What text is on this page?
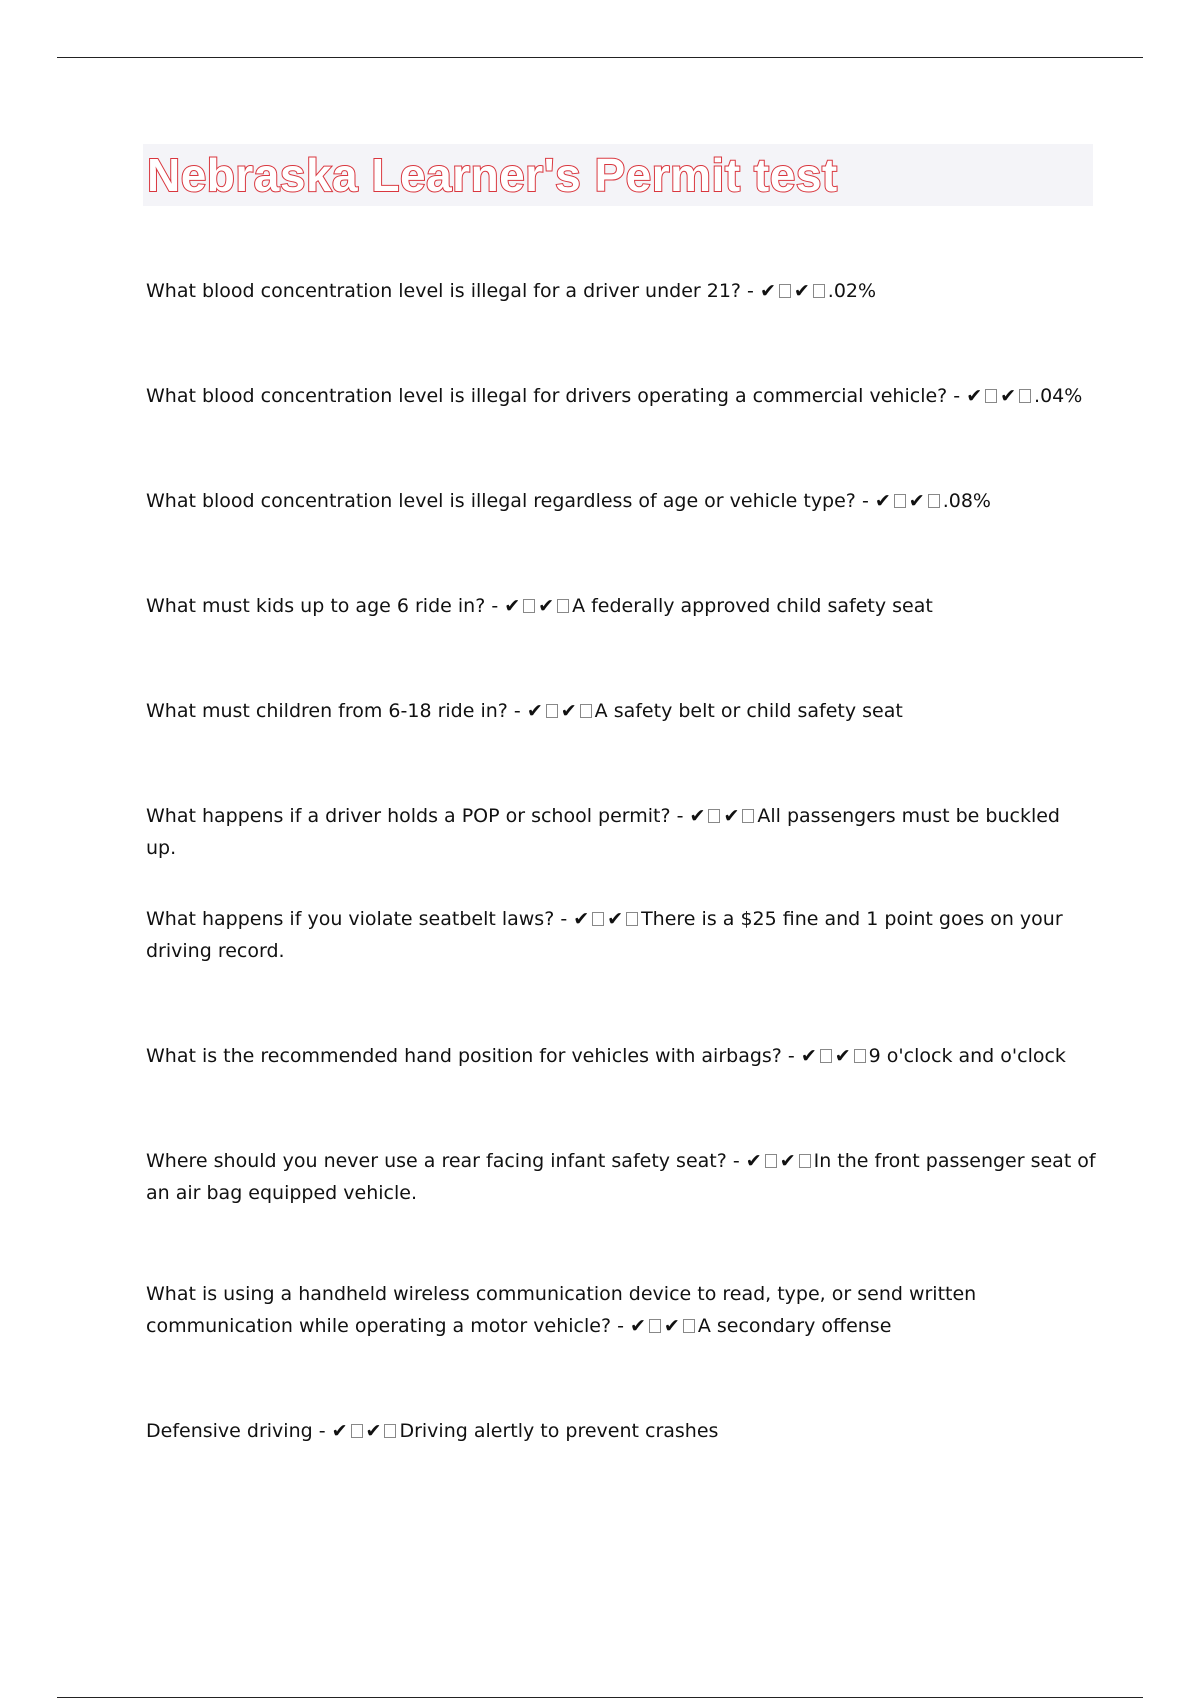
Nebraska Learner's Permit test

What blood concentration level is illegal for a driver under 21? - ✔ ✔ .02%

What blood concentration level is illegal for drivers operating a commercial vehicle? - ✔ ✔ .04%

What blood concentration level is illegal regardless of age or vehicle type? - ✔ ✔ .08%

What must kids up to age 6 ride in? - ✔ ✔ A federally approved child safety seat

What must children from 6-18 ride in? - ✔ ✔ A safety belt or child safety seat

What happens if a driver holds a POP or school permit? - ✔ ✔ All passengers must be buckled up.

What happens if you violate seatbelt laws? - ✔ ✔ There is a $25 fine and 1 point goes on your driving record.

What is the recommended hand position for vehicles with airbags? - ✔ ✔ 9 o'clock and o'clock

Where should you never use a rear facing infant safety seat? - ✔ ✔ In the front passenger seat of an air bag equipped vehicle.

What is using a handheld wireless communication device to read, type, or send written communication while operating a motor vehicle? - ✔ ✔ A secondary offense

Defensive driving - ✔ ✔ Driving alertly to prevent crashes
